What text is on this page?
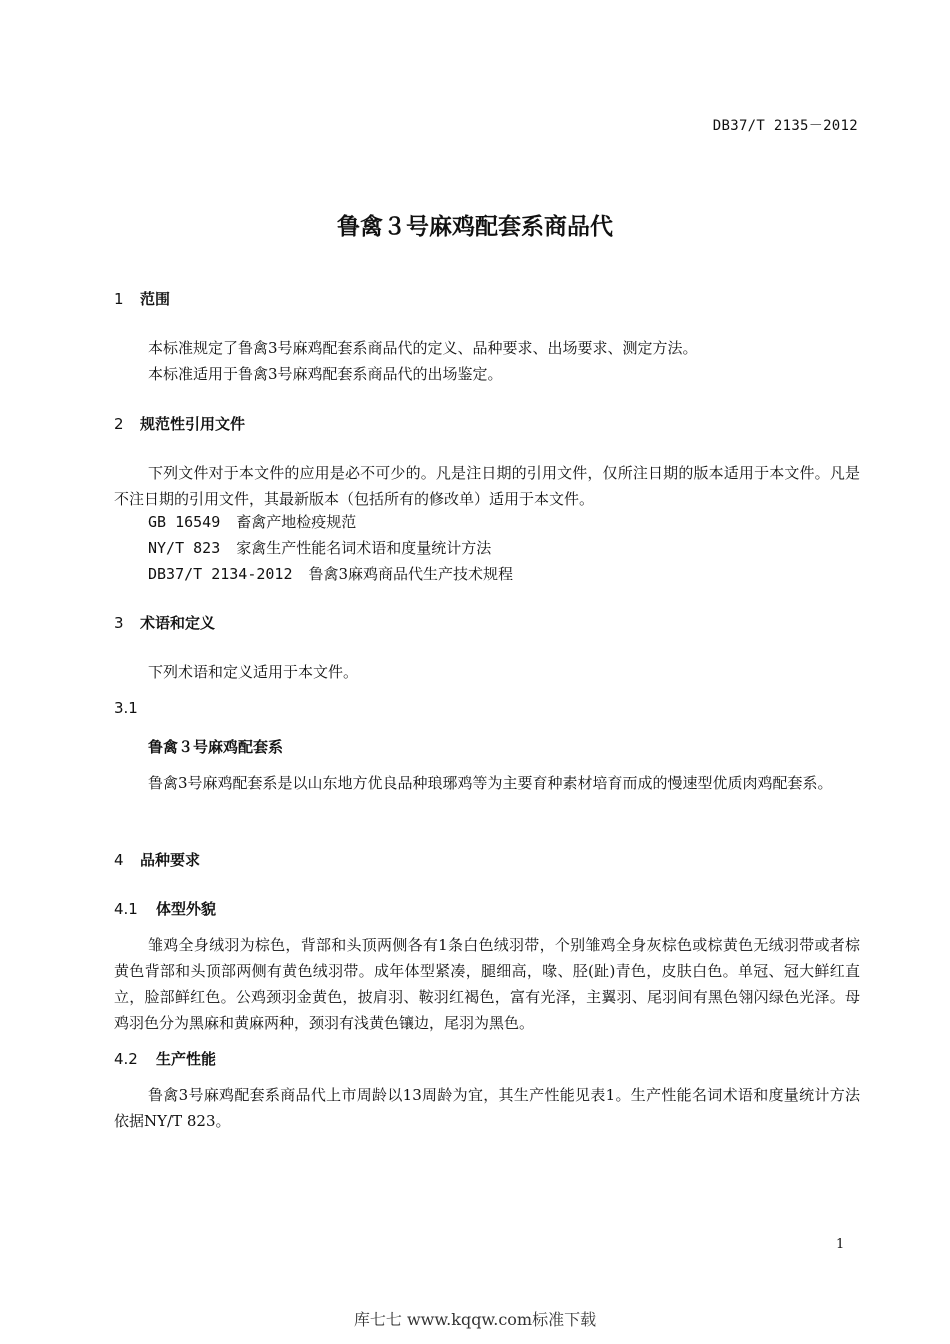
DB37/T 2135－2012
鲁禽３号麻鸡配套系商品代
1 范围
本标准规定了鲁禽3号麻鸡配套系商品代的定义、品种要求、出场要求、测定方法。
本标准适用于鲁禽3号麻鸡配套系商品代的出场鉴定。
2 规范性引用文件
下列文件对于本文件的应用是必不可少的。凡是注日期的引用文件，仅所注日期的版本适用于本文件。凡是不注日期的引用文件，其最新版本（包括所有的修改单）适用于本文件。
GB 16549 畜禽产地检疫规范
NY/T 823 家禽生产性能名词术语和度量统计方法
DB37/T 2134-2012 鲁禽3麻鸡商品代生产技术规程
3 术语和定义
下列术语和定义适用于本文件。
3.1
鲁禽３号麻鸡配套系
鲁禽3号麻鸡配套系是以山东地方优良品种琅琊鸡等为主要育种素材培育而成的慢速型优质肉鸡配套系。
4 品种要求
4.1 体型外貌
雏鸡全身绒羽为棕色，背部和头顶两侧各有1条白色绒羽带，个别雏鸡全身灰棕色或棕黄色无绒羽带或者棕黄色背部和头顶部两侧有黄色绒羽带。成年体型紧凑，腿细高，喙、胫(趾)青色，皮肤白色。单冠、冠大鲜红直立，脸部鲜红色。公鸡颈羽金黄色，披肩羽、鞍羽红褐色，富有光泽，主翼羽、尾羽间有黑色翎闪绿色光泽。母鸡羽色分为黑麻和黄麻两种，颈羽有浅黄色镶边，尾羽为黑色。
4.2 生产性能
鲁禽3号麻鸡配套系商品代上市周龄以13周龄为宜，其生产性能见表1。生产性能名词术语和度量统计方法依据NY/T 823。
1
库七七 www.kqqw.com标准下载
